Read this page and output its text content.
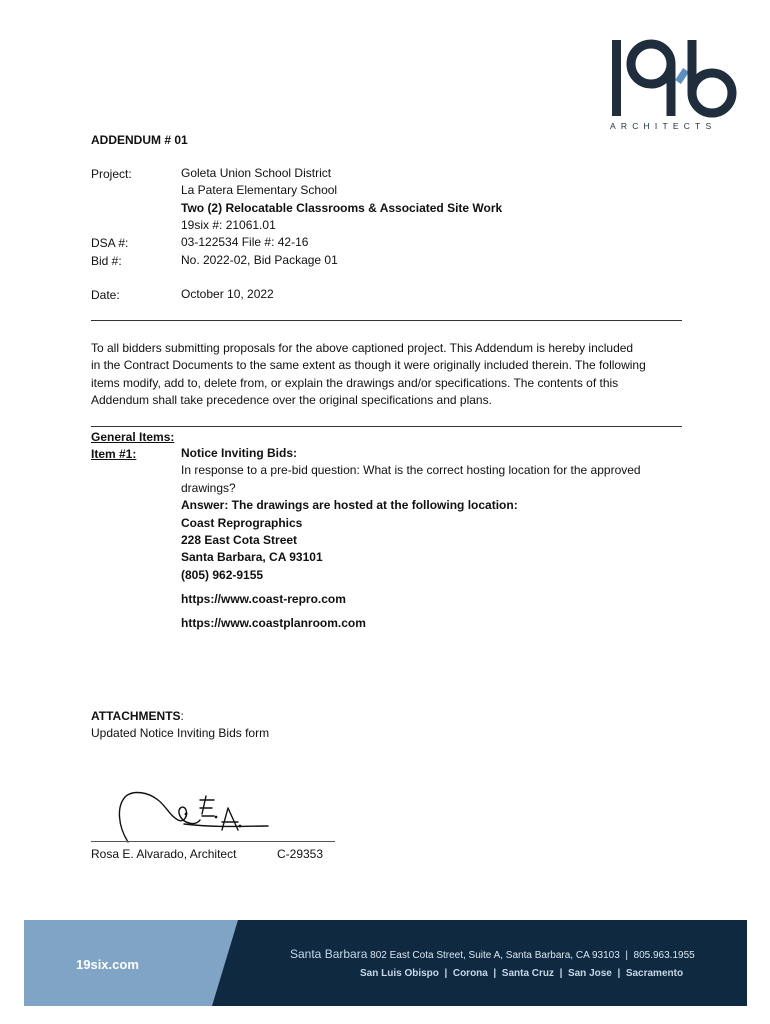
ARCHITECTS
ADDENDUM # 01
Project:	Goleta Union School District
La Patera Elementary School
Two (2) Relocatable Classrooms & Associated Site Work
19six #: 21061.01
DSA #:	03-122534 File #: 42-16
Bid #:	No. 2022-02, Bid Package 01
Date:	October 10, 2022
To all bidders submitting proposals for the above captioned project. This Addendum is hereby included
in the Contract Documents to the same extent as though it were originally included therein. The following
items modify, add to, delete from, or explain the drawings and/or specifications. The contents of this
Addendum shall take precedence over the original specifications and plans.
General Items:
Item #1:	Notice Inviting Bids:
In response to a pre-bid question: What is the correct hosting location for the approved
drawings?
Answer: The drawings are hosted at the following location:
Coast Reprographics
228 East Cota Street
Santa Barbara, CA 93101
(805) 962-9155
https://www.coast-repro.com
https://www.coastplanroom.com
ATTACHMENTS:
Updated Notice Inviting Bids form
Rosa E. Alvarado, Architect	C-29353
19six.com
Santa Barbara 802 East Cota Street, Suite A, Santa Barbara, CA 93103 | 805.963.1955
San Luis Obispo | Corona | Santa Cruz | San Jose | Sacramento
